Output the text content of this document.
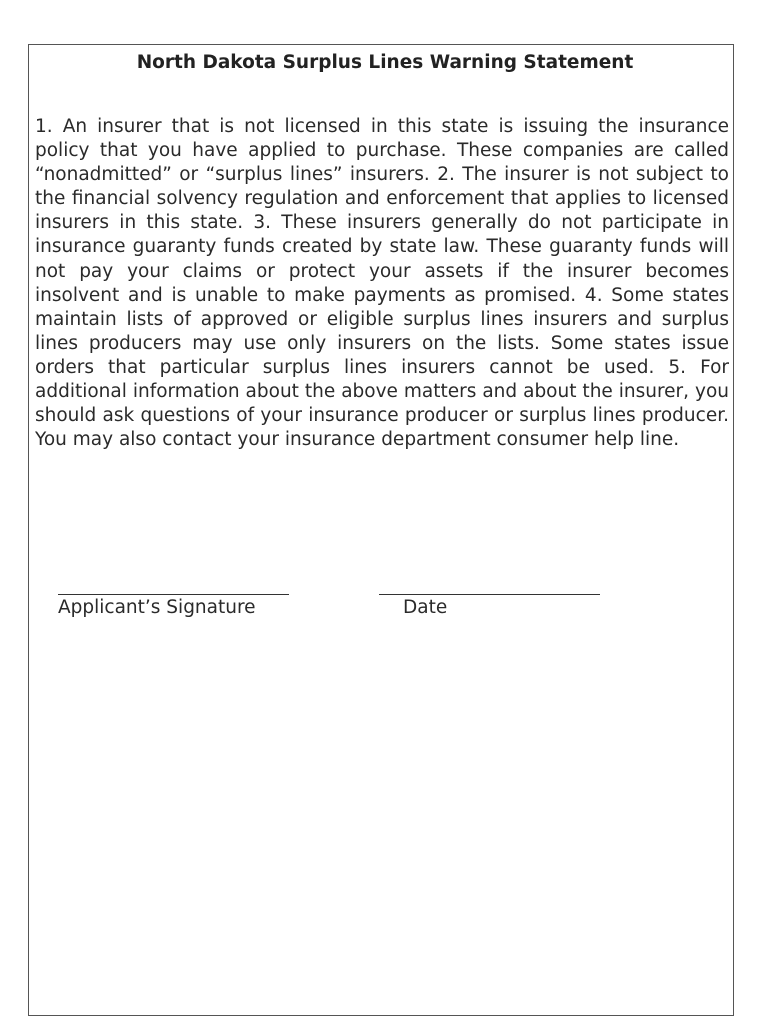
North Dakota Surplus Lines Warning Statement
1. An insurer that is not licensed in this state is issuing the insurance policy that you have applied to purchase. These companies are called “nonadmitted” or “surplus lines” insurers. 2. The insurer is not subject to the financial solvency regulation and enforcement that applies to licensed insurers in this state. 3. These insurers generally do not participate in insurance guaranty funds created by state law. These guaranty funds will not pay your claims or protect your assets if the insurer becomes insolvent and is unable to make payments as promised. 4. Some states maintain lists of approved or eligible surplus lines insurers and surplus lines producers may use only insurers on the lists. Some states issue orders that particular surplus lines insurers cannot be used. 5. For additional information about the above matters and about the insurer, you should ask questions of your insurance producer or surplus lines producer. You may also contact your insurance department consumer help line.
Applicant’s Signature	Date
